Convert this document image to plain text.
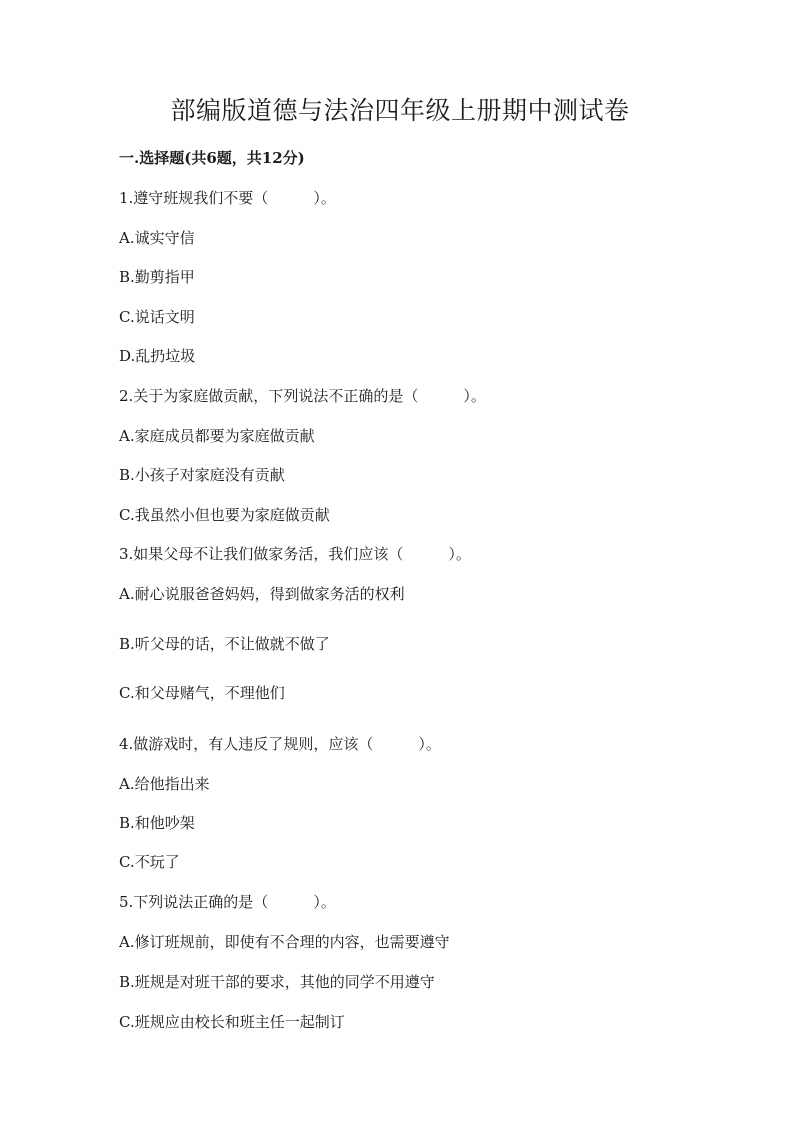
部编版道德与法治四年级上册期中测试卷
一.选择题(共6题，共12分)
1.遵守班规我们不要（　　　）。
A.诚实守信
B.勤剪指甲
C.说话文明
D.乱扔垃圾
2.关于为家庭做贡献，下列说法不正确的是（　　　）。
A.家庭成员都要为家庭做贡献
B.小孩子对家庭没有贡献
C.我虽然小但也要为家庭做贡献
3.如果父母不让我们做家务活，我们应该（　　　）。
A.耐心说服爸爸妈妈，得到做家务活的权利
B.听父母的话，不让做就不做了
C.和父母赌气，不理他们
4.做游戏时，有人违反了规则，应该（　　　）。
A.给他指出来
B.和他吵架
C.不玩了
5.下列说法正确的是（　　　）。
A.修订班规前，即使有不合理的内容，也需要遵守
B.班规是对班干部的要求，其他的同学不用遵守
C.班规应由校长和班主任一起制订
